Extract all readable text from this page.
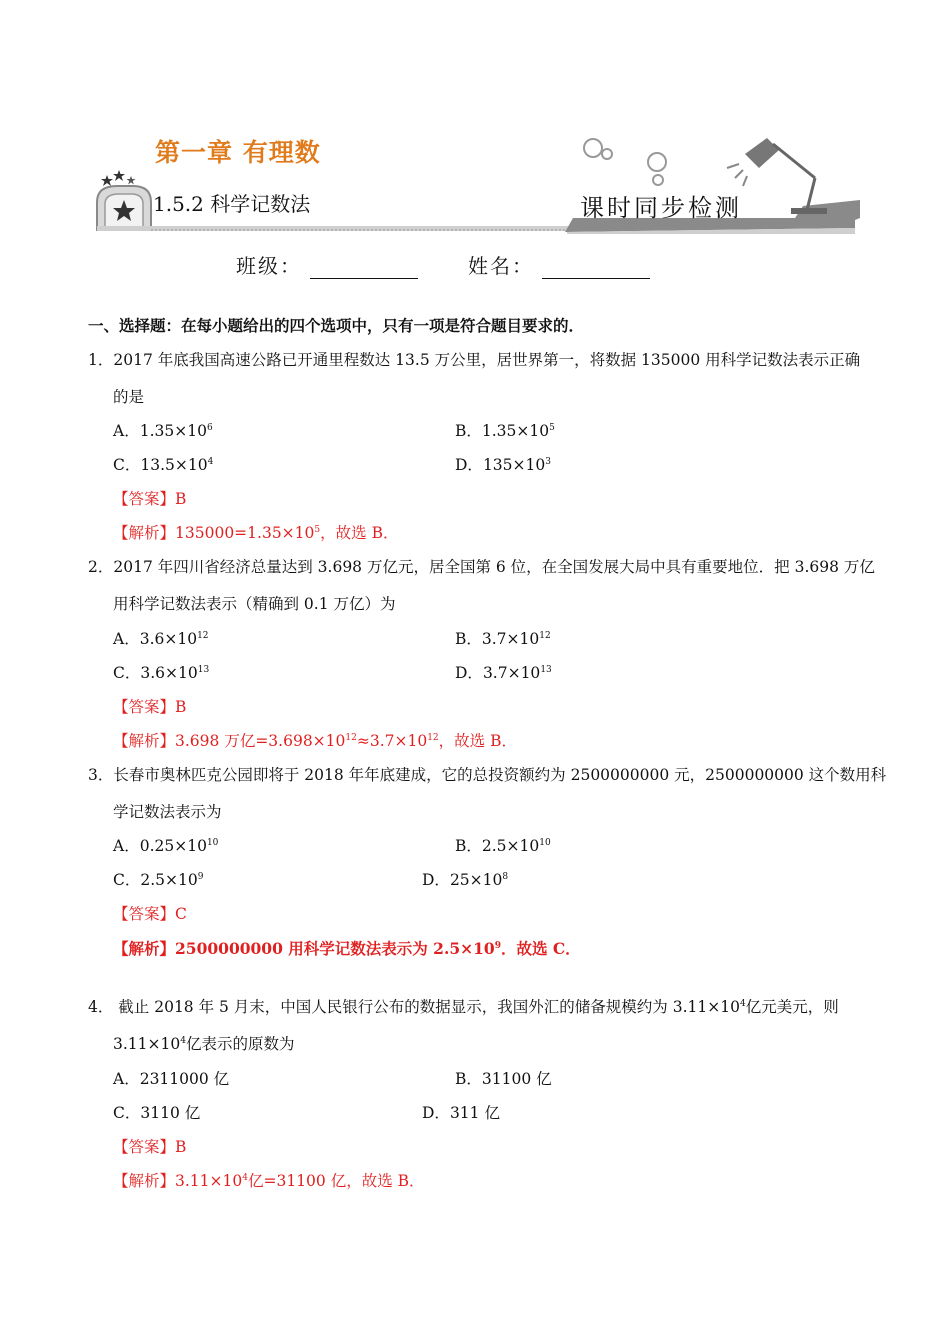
第一章 有理数
1.5.2 科学记数法	课时同步检测
班级：	姓名：
一、选择题：在每小题给出的四个选项中，只有一项是符合题目要求的．
1．2017 年底我国高速公路已开通里程数达 13.5 万公里，居世界第一，将数据 135000 用科学记数法表示正确
的是
A．$1.35\times 10^6$	B．$1.35\times 10^5$
C．$13.5\times 10^4$	D．$135\times 10^3$
【答案】B
【解析】$135000=1.35\times 10^5$，故选 B．
2．2017 年四川省经济总量达到 3.698 万亿元，居全国第 6 位，在全国发展大局中具有重要地位．把 3.698 万亿
用科学记数法表示（精确到 0.1 万亿）为
A．$3.6\times 10^{12}$	B．$3.7\times 10^{12}$
C．$3.6\times 10^{13}$	D．$3.7\times 10^{13}$
【答案】B
【解析】3.698 万亿$=3.698\times 10^{12}\approx 3.7\times 10^{12}$，故选 B．
3．长春市奥林匹克公园即将于 2018 年年底建成，它的总投资额约为 2500000000 元，2500000000 这个数用科
学记数法表示为
A．$0.25\times 10^{10}$	B．$2.5\times 10^{10}$
C．$2.5\times 10^9$	D．$25\times 10^8$
【答案】C
【解析】2500000000 用科学记数法表示为 $2.5\times 10^9$．故选 C．
4． 截止 2018 年 5 月末，中国人民银行公布的数据显示，我国外汇的储备规模约为 $3.11\times 10^4$亿元美元，则
$3.11\times 10^4$亿表示的原数为
A．2311000 亿	B．31100 亿
C．3110 亿	D．311 亿
【答案】B
【解析】$3.11\times 10^4$亿=31100 亿，故选 B．
